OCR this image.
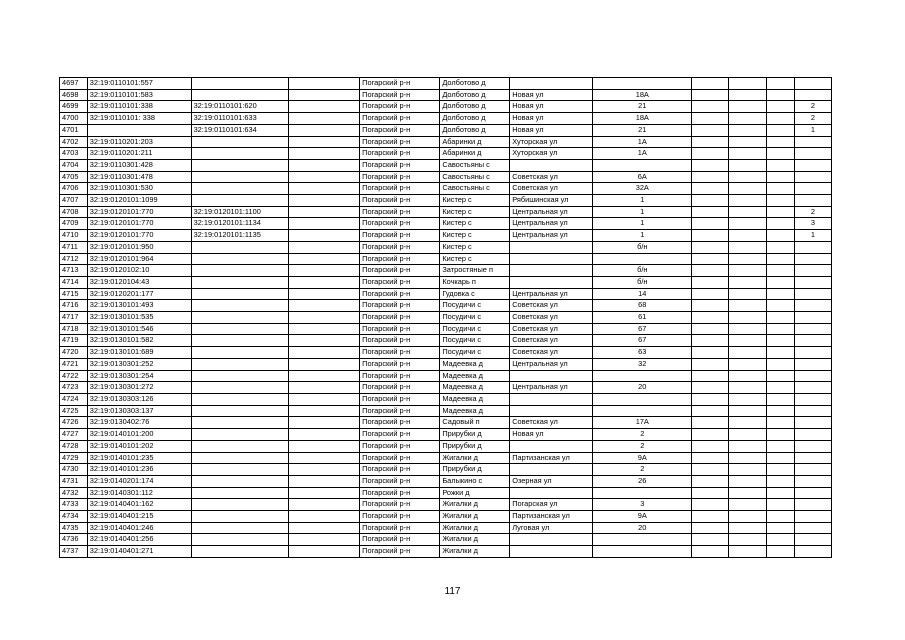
4697	32:19:0110101:557			Погарский р-н	Долботово д						
4698	32:19:0110101:583			Погарский р-н	Долботово д	Новая ул	18А				
4699	32:19:0110101:338	32:19:0110101:620		Погарский р-н	Долботово д	Новая ул	21				2
4700	32:19:0110101: 338	32:19:0110101:633		Погарский р-н	Долботово д	Новая ул	18А				2
4701		32:19:0110101:634		Погарский р-н	Долботово д	Новая ул	21				1
4702	32:19:0110201:203			Погарский р-н	Абаринки д	Хуторская ул	1А				
4703	32:19:0110201:211			Погарский р-н	Абаринки д	Хуторская ул	1А				
4704	32:19:0110301:428			Погарский р-н	Савостьяны с						
4705	32:19:0110301:478			Погарский р-н	Савостьяны с	Советская ул	6А				
4706	32:19:0110301:530			Погарский р-н	Савостьяны с	Советская ул	32А				
4707	32:19:0120101:1099			Погарский р-н	Кистер с	Рябишинская ул	1				
4708	32:19:0120101:770	32:19:0120101:1100		Погарский р-н	Кистер с	Центральная ул	1				2
4709	32:19:0120101:770	32:19:0120101:1134		Погарский р-н	Кистер с	Центральная ул	1				3
4710	32:19:0120101:770	32:19:0120101:1135		Погарский р-н	Кистер с	Центральная ул	1				1
4711	32:19:0120101:950			Погарский р-н	Кистер с		б/н				
4712	32:19:0120101:964			Погарский р-н	Кистер с						
4713	32:19:0120102:10			Погарский р-н	Затростяные п		б/н				
4714	32:19:0120104:43			Погарский р-н	Кочкарь п		б/н				
4715	32:19:0120201:177			Погарский р-н	Гудовка с	Центральная ул	14				
4716	32:19:0130101:493			Погарский р-н	Посудичи с	Советская ул	68				
4717	32:19:0130101:535			Погарский р-н	Посудичи с	Советская ул	61				
4718	32:19:0130101:546			Погарский р-н	Посудичи с	Советская ул	67				
4719	32:19:0130101:582			Погарский р-н	Посудичи с	Советская ул	67				
4720	32:19:0130101:689			Погарский р-н	Посудичи с	Советская ул	63				
4721	32:19:0130301:252			Погарский р-н	Мадеевка д	Центральная ул	32				
4722	32:19:0130301:254			Погарский р-н	Мадеевка д						
4723	32:19:0130301:272			Погарский р-н	Мадеевка д	Центральная ул	20				
4724	32:19:0130303:126			Погарский р-н	Мадеевка д						
4725	32:19:0130303:137			Погарский р-н	Мадеевка д						
4726	32:19:0130402:76			Погарский р-н	Садовый п	Советская ул	17А				
4727	32:19:0140101:200			Погарский р-н	Прирубки д	Новая ул	2				
4728	32:19:0140101:202			Погарский р-н	Прирубки д		2				
4729	32:19:0140101:235			Погарский р-н	Жигалки д	Партизанская ул	9А				
4730	32:19:0140101:236			Погарский р-н	Прирубки д		2				
4731	32:19:0140201:174			Погарский р-н	Балыкино с	Озерная ул	26				
4732	32:19:0140301:112			Погарский р-н	Рожки д						
4733	32:19:0140401:162			Погарский р-н	Жигалки д	Погарская ул	3				
4734	32:19:0140401:215			Погарский р-н	Жигалки д	Партизанская ул	9А				
4735	32:19:0140401:246			Погарский р-н	Жигалки д	Луговая ул	20				
4736	32:19:0140401:256			Погарский р-н	Жигалки д						
4737	32:19:0140401:271			Погарский р-н	Жигалки д						
117
